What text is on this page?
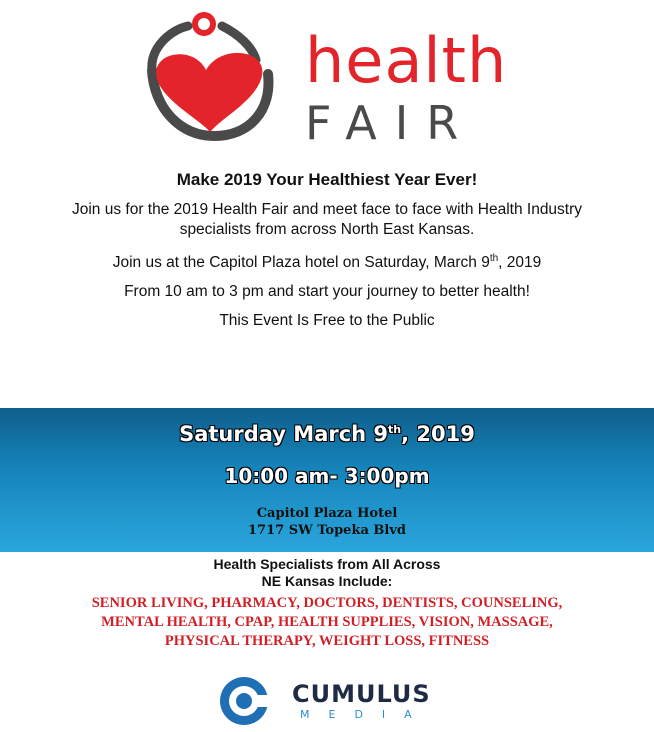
health
FAIR

Make 2019 Your Healthiest Year Ever!

Join us for the 2019 Health Fair and meet face to face with Health Industry

specialists from across North East Kansas.

Join us at the Capitol Plaza hotel on Saturday, March 9th, 2019

From 10 am to 3 pm and start your journey to better health!

This Event Is Free to the Public

Saturday March 9th, 2019
10:00 am- 3:00pm
Capitol Plaza Hotel
1717 SW Topeka Blvd

Health Specialists from All Across

NE Kansas Include:

SENIOR LIVING, PHARMACY, DOCTORS, DENTISTS, COUNSELING,
MENTAL HEALTH, CPAP, HEALTH SUPPLIES, VISION, MASSAGE,
PHYSICAL THERAPY, WEIGHT LOSS, FITNESS
CUMULUS
MEDIA
